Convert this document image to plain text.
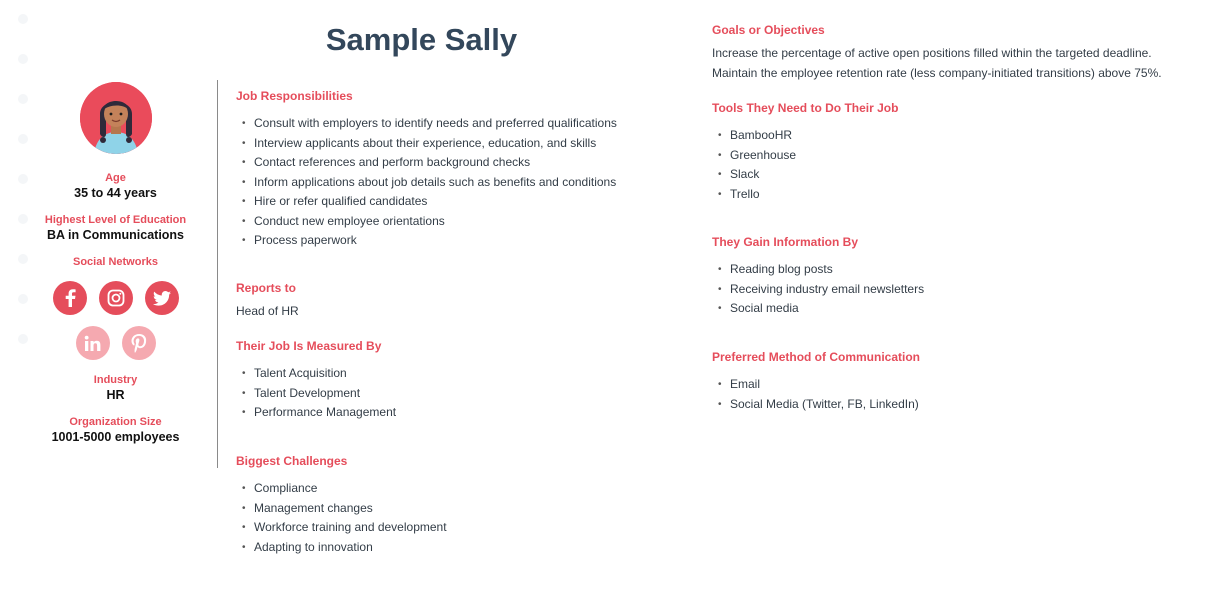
Sample Sally
Age
35 to 44 years
Highest Level of Education
BA in Communications
Social Networks
Industry
HR
Organization Size
1001-5000 employees
Job Responsibilities
• Consult with employers to identify needs and preferred qualifications
• Interview applicants about their experience, education, and skills
• Contact references and perform background checks
• Inform applications about job details such as benefits and conditions
• Hire or refer qualified candidates
• Conduct new employee orientations
• Process paperwork
Reports to
Head of HR
Their Job Is Measured By
• Talent Acquisition
• Talent Development
• Performance Management
Biggest Challenges
• Compliance
• Management changes
• Workforce training and development
• Adapting to innovation
Goals or Objectives
Increase the percentage of active open positions filled within the targeted deadline.
Maintain the employee retention rate (less company-initiated transitions) above 75%.
Tools They Need to Do Their Job
• BambooHR
• Greenhouse
• Slack
• Trello
They Gain Information By
• Reading blog posts
• Receiving industry email newsletters
• Social media
Preferred Method of Communication
• Email
• Social Media (Twitter, FB, LinkedIn)
